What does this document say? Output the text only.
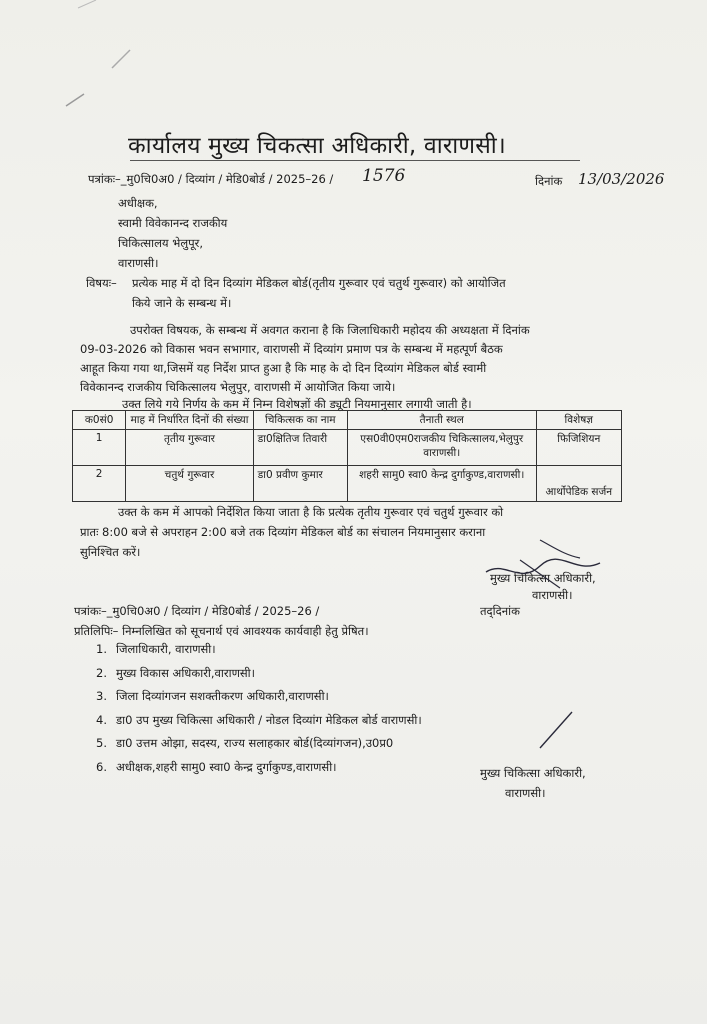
कार्यालय मुख्य चिकत्सा अधिकारी, वाराणसी।
पत्रांकः–_मु0चि0अ0 / दिव्यांग / मेडि0बोर्ड / 2025–26 / 1576	दिनांक 13/03/2026
अधीक्षक,
स्वामी विवेकानन्द राजकीय
चिकित्सालय भेलुपूर,
वाराणसी।
विषयः– प्रत्येक माह में दो दिन दिव्यांग मेडिकल बोर्ड(तृतीय गुरूवार एवं चतुर्थ गुरूवार) को आयोजित
किये जाने के सम्बन्ध में।
उपरोक्त विषयक, के सम्बन्ध में अवगत कराना है कि जिलाधिकारी महोदय की अध्यक्षता में दिनांक
09-03-2026 को विकास भवन सभागार, वाराणसी में दिव्यांग प्रमाण पत्र के सम्बन्ध में महत्पूर्ण बैठक
आहूत किया गया था,जिसमें यह निर्देश प्राप्त हुआ है कि माह के दो दिन दिव्यांग मेडिकल बोर्ड स्वामी
विवेकानन्द राजकीय चिकित्सालय भेलुपुर, वाराणसी में आयोजित किया जाये।
उक्त लिये गये निर्णय के कम में निम्न विशेषज्ञों की ड्यूटी नियमानुसार लगायी जाती है।
क0सं0	माह में निर्धारित दिनों की संख्या	चिकित्सक का नाम	तैनाती स्थल	विशेषज्ञ
1	तृतीय गुरूवार	डा0क्षितिज तिवारी	एस0वी0एम0राजकीय चिकित्सालय,भेलुपुर वाराणसी।	फिजिशियन
2	चतुर्थ गुरूवार	डा0 प्रवीण कुमार	शहरी सामु0 स्वा0 केन्द्र दुर्गाकुण्ड,वाराणसी।	आर्थोपेडिक सर्जन
उक्त के कम में आपको निर्देशित किया जाता है कि प्रत्येक तृतीय गुरूवार एवं चतुर्थ गुरूवार को
प्रातः 8:00 बजे से अपराहन 2:00 बजे तक दिव्यांग मेडिकल बोर्ड का संचालन नियमानुसार कराना
सुनिश्चित करें।
मुख्य चिकित्सा अधिकारी,
वाराणसी।
पत्रांकः–_मु0चि0अ0 / दिव्यांग / मेडि0बोर्ड / 2025–26 /	तद्‌दिनांक
प्रतिलिपिः– निम्नलिखित को सूचनार्थ एवं आवश्यक कार्यवाही हेतु प्रेषित।
1. जिलाधिकारी, वाराणसी।
2. मुख्य विकास अधिकारी,वाराणसी।
3. जिला दिव्यांगजन सशक्तीकरण अधिकारी,वाराणसी।
4. डा0 उप मुख्य चिकित्सा अधिकारी / नोडल दिव्यांग मेडिकल बोर्ड वाराणसी।
5. डा0 उत्तम ओझा, सदस्य, राज्य सलाहकार बोर्ड(दिव्यांगजन),उ0प्र0
6. अधीक्षक,शहरी सामु0 स्वा0 केन्द्र दुर्गाकुण्ड,वाराणसी।	मुख्य चिकित्सा अधिकारी,
वाराणसी।
